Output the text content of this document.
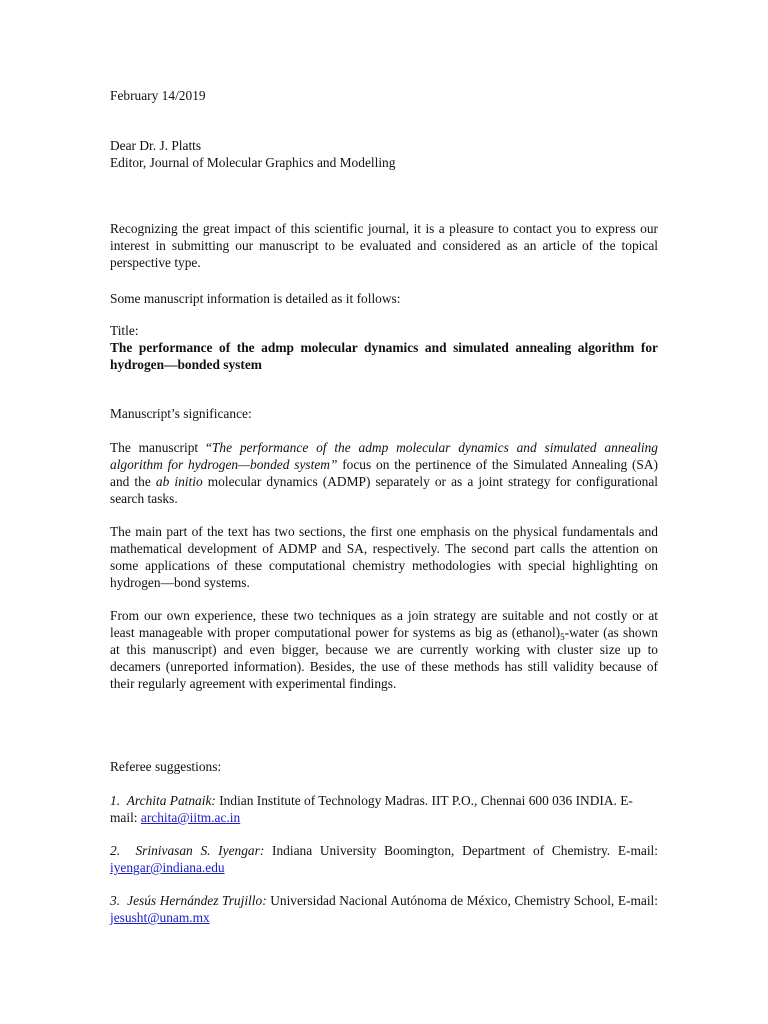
February 14/2019

Dear Dr. J. Platts

Editor, Journal of Molecular Graphics and Modelling

Recognizing the great impact of this scientific journal, it is a pleasure to contact you to express our interest in submitting our manuscript to be evaluated and considered as an article of the topical perspective type.

Some manuscript information is detailed as it follows:

Title:

The performance of the admp molecular dynamics and simulated annealing algorithm for hydrogen—bonded system

Manuscript’s significance:

The manuscript “The performance of the admp molecular dynamics and simulated annealing algorithm for hydrogen—bonded system” focus on the pertinence of the Simulated Annealing (SA) and the ab initio molecular dynamics (ADMP) separately or as a joint strategy for configurational search tasks.

The main part of the text has two sections, the first one emphasis on the physical fundamentals and mathematical development of ADMP and SA, respectively. The second part calls the attention on some applications of these computational chemistry methodologies with special highlighting on hydrogen—bond systems.

From our own experience, these two techniques as a join strategy are suitable and not costly or at least manageable with proper computational power for systems as big as $(ethanol)_5$-water (as shown at this manuscript) and even bigger, because we are currently working with cluster size up to decamers (unreported information). Besides, the use of these methods has still validity because of their regularly agreement with experimental findings.

Referee suggestions:

1. Archita Patnaik: Indian Institute of Technology Madras. IIT P.O., Chennai 600 036 INDIA. E-mail: archita@iitm.ac.in

2. Srinivasan S. Iyengar: Indiana University Boomington, Department of Chemistry. E-mail: iyengar@indiana.edu

3. Jesús Hernández Trujillo: Universidad Nacional Autónoma de México, Chemistry School, E-mail: jesusht@unam.mx
